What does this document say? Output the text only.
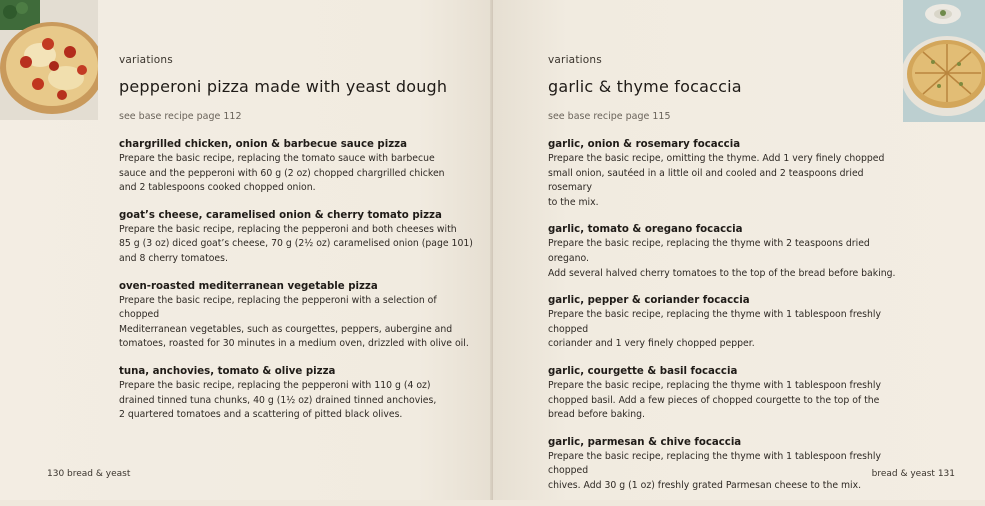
variations
pepperoni pizza made with yeast dough
see base recipe page 112
chargrilled chicken, onion & barbecue sauce pizza
Prepare the basic recipe, replacing the tomato sauce with barbecue
sauce and the pepperoni with 60 g (2 oz) chopped chargrilled chicken
and 2 tablespoons cooked chopped onion.
goat’s cheese, caramelised onion & cherry tomato pizza
Prepare the basic recipe, replacing the pepperoni and both cheeses with
85 g (3 oz) diced goat’s cheese, 70 g (2½ oz) caramelised onion (page 101)
and 8 cherry tomatoes.
oven-roasted mediterranean vegetable pizza
Prepare the basic recipe, replacing the pepperoni with a selection of chopped
Mediterranean vegetables, such as courgettes, peppers, aubergine and
tomatoes, roasted for 30 minutes in a medium oven, drizzled with olive oil.
tuna, anchovies, tomato & olive pizza
Prepare the basic recipe, replacing the pepperoni with 110 g (4 oz)
drained tinned tuna chunks, 40 g (1½ oz) drained tinned anchovies,
2 quartered tomatoes and a scattering of pitted black olives.
130 bread & yeast
variations
garlic & thyme focaccia
see base recipe page 115
garlic, onion & rosemary focaccia
Prepare the basic recipe, omitting the thyme. Add 1 very finely chopped
small onion, sautéed in a little oil and cooled and 2 teaspoons dried rosemary
to the mix.
garlic, tomato & oregano focaccia
Prepare the basic recipe, replacing the thyme with 2 teaspoons dried oregano.
Add several halved cherry tomatoes to the top of the bread before baking.
garlic, pepper & coriander focaccia
Prepare the basic recipe, replacing the thyme with 1 tablespoon freshly chopped
coriander and 1 very finely chopped pepper.
garlic, courgette & basil focaccia
Prepare the basic recipe, replacing the thyme with 1 tablespoon freshly
chopped basil. Add a few pieces of chopped courgette to the top of the
bread before baking.
garlic, parmesan & chive focaccia
Prepare the basic recipe, replacing the thyme with 1 tablespoon freshly chopped
chives. Add 30 g (1 oz) freshly grated Parmesan cheese to the mix.
bread & yeast 131
